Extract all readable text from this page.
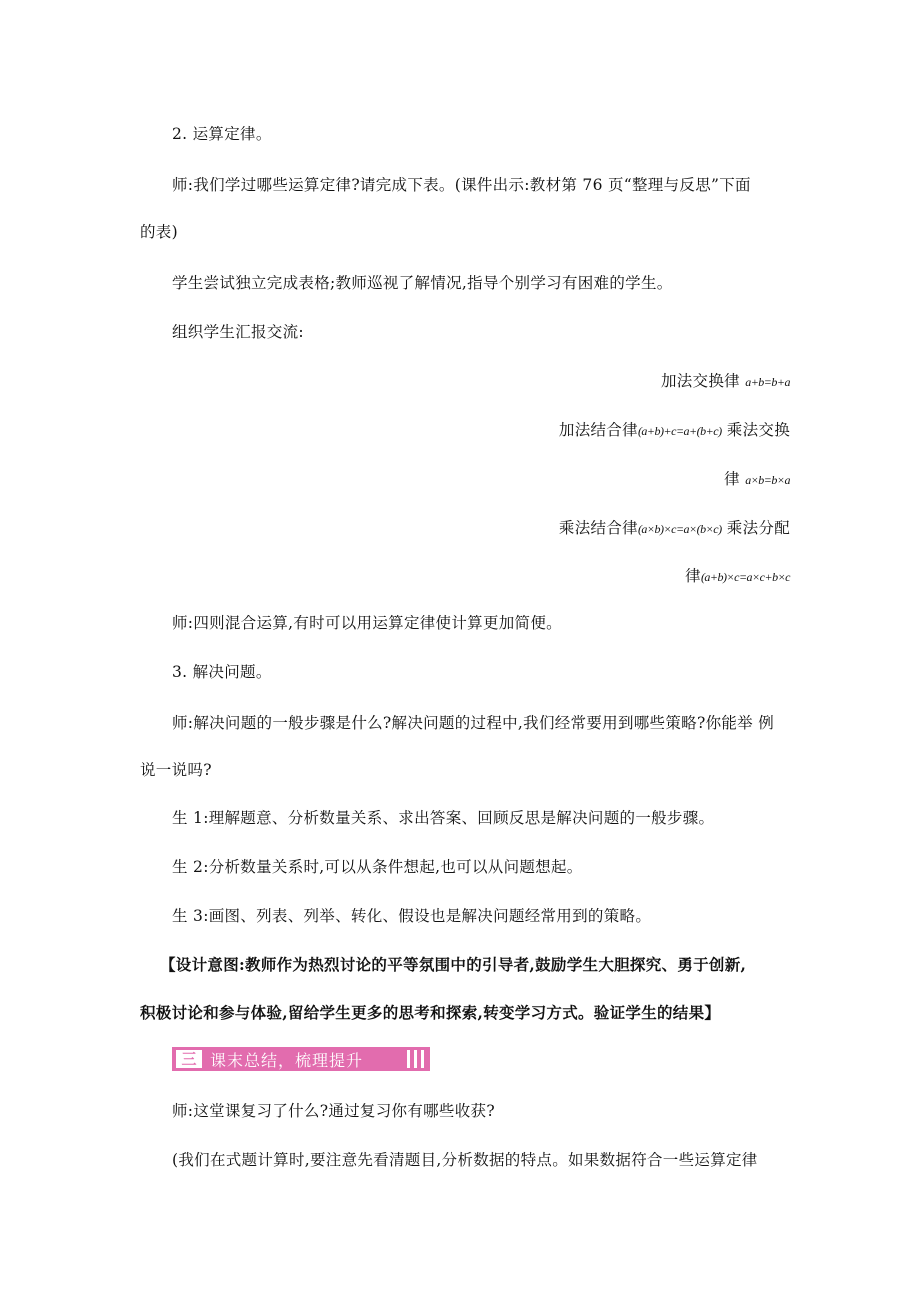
2. 运算定律。
师:我们学过哪些运算定律?请完成下表。(课件出示:教材第 76 页“整理与反思”下面
的表)
学生尝试独立完成表格;教师巡视了解情况,指导个别学习有困难的学生。
组织学生汇报交流:
加法交换律 a+b=b+a
加法结合律(a+b)+c=a+(b+c) 乘法交换
律 a×b=b×a
乘法结合律(a×b)×c=a×(b×c) 乘法分配
律(a+b)×c=a×c+b×c
师:四则混合运算,有时可以用运算定律使计算更加简便。
3. 解决问题。
师:解决问题的一般步骤是什么?解决问题的过程中,我们经常要用到哪些策略?你能举 例
说一说吗?
生 1:理解题意、分析数量关系、求出答案、回顾反思是解决问题的一般步骤。
生 2:分析数量关系时,可以从条件想起,也可以从问题想起。
生 3:画图、列表、列举、转化、假设也是解决问题经常用到的策略。
【设计意图:教师作为热烈讨论的平等氛围中的引导者,鼓励学生大胆探究、勇于创新,
积极讨论和参与体验,留给学生更多的思考和探索,转变学习方式。验证学生的结果】
三 课末总结，梳理提升
师:这堂课复习了什么?通过复习你有哪些收获?
(我们在式题计算时,要注意先看清题目,分析数据的特点。如果数据符合一些运算定律
